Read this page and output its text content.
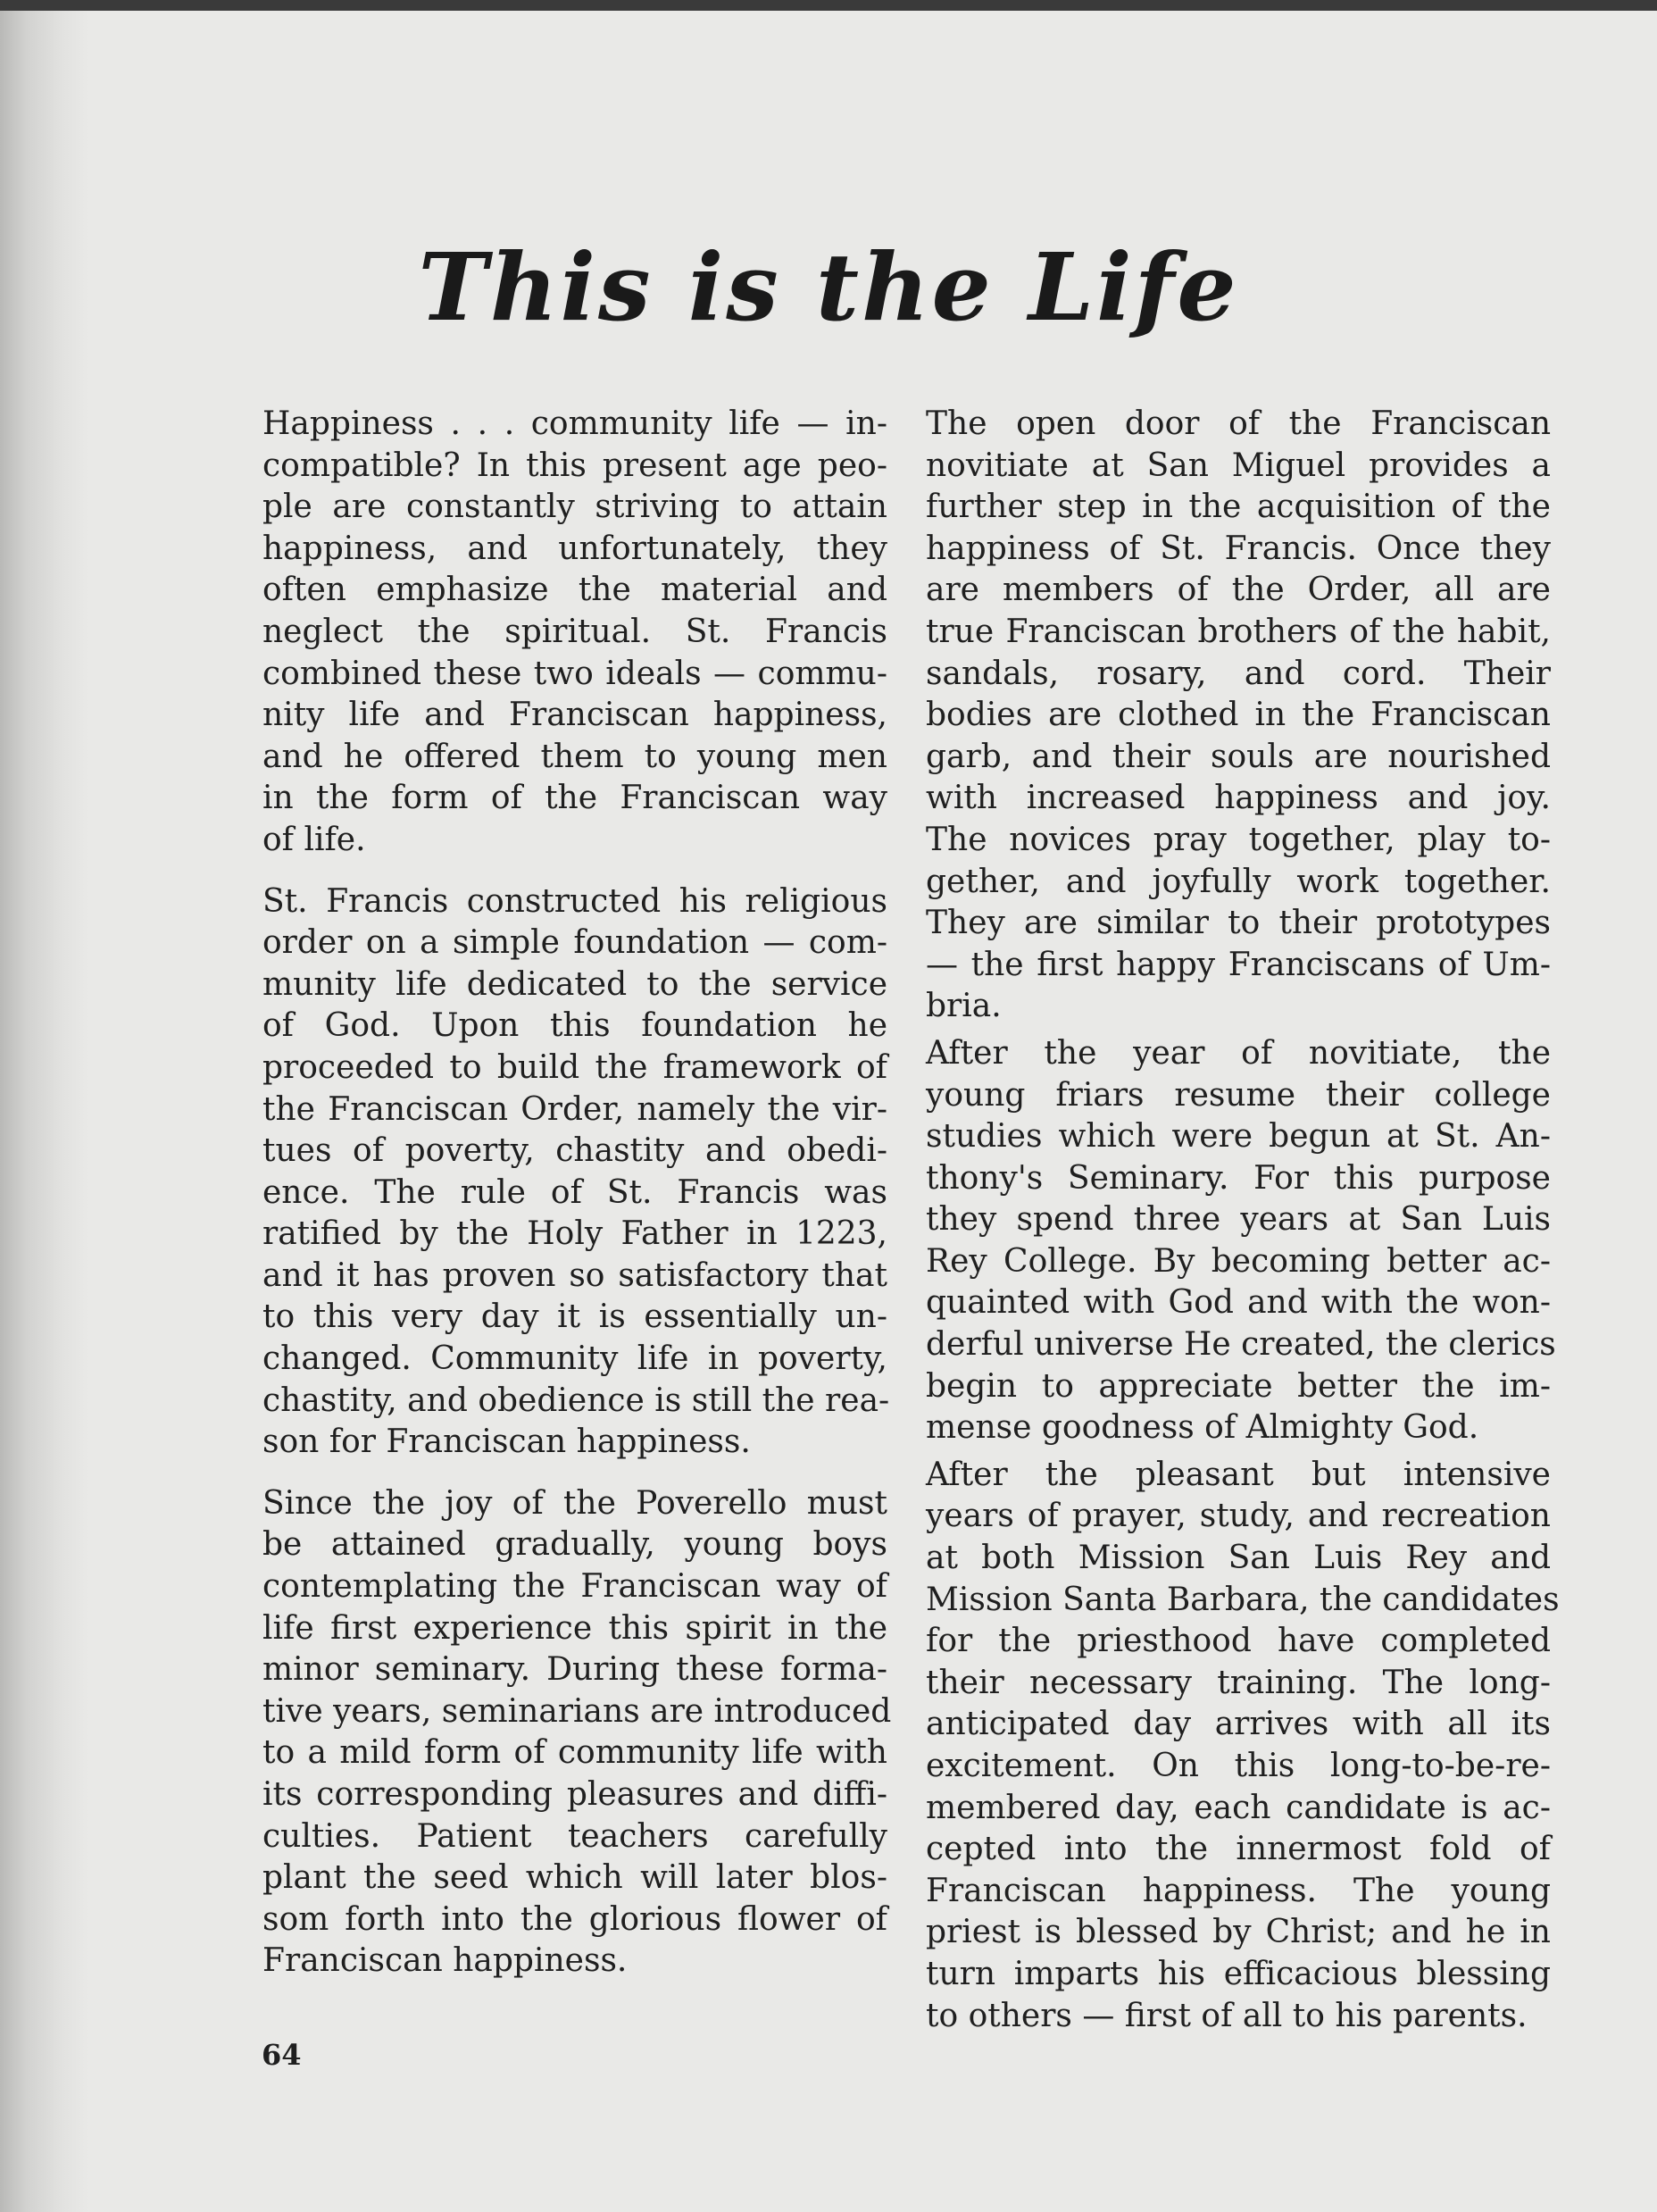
This is the Life
Happiness . . . community life — in-
compatible? In this present age peo-
ple are constantly striving to attain
happiness, and unfortunately, they
often emphasize the material and
neglect the spiritual. St. Francis
combined these two ideals — commu-
nity life and Franciscan happiness,
and he offered them to young men
in the form of the Franciscan way
of life.
St. Francis constructed his religious
order on a simple foundation — com-
munity life dedicated to the service
of God. Upon this foundation he
proceeded to build the framework of
the Franciscan Order, namely the vir-
tues of poverty, chastity and obedi-
ence. The rule of St. Francis was
ratified by the Holy Father in 1223,
and it has proven so satisfactory that
to this very day it is essentially un-
changed. Community life in poverty,
chastity, and obedience is still the rea-
son for Franciscan happiness.
Since the joy of the Poverello must
be attained gradually, young boys
contemplating the Franciscan way of
life first experience this spirit in the
minor seminary. During these forma-
tive years, seminarians are introduced
to a mild form of community life with
its corresponding pleasures and diffi-
culties. Patient teachers carefully
plant the seed which will later blos-
som forth into the glorious flower of
Franciscan happiness.
The open door of the Franciscan
novitiate at San Miguel provides a
further step in the acquisition of the
happiness of St. Francis. Once they
are members of the Order, all are
true Franciscan brothers of the habit,
sandals, rosary, and cord. Their
bodies are clothed in the Franciscan
garb, and their souls are nourished
with increased happiness and joy.
The novices pray together, play to-
gether, and joyfully work together.
They are similar to their prototypes
— the first happy Franciscans of Um-
bria.
After the year of novitiate, the
young friars resume their college
studies which were begun at St. An-
thony's Seminary. For this purpose
they spend three years at San Luis
Rey College. By becoming better ac-
quainted with God and with the won-
derful universe He created, the clerics
begin to appreciate better the im-
mense goodness of Almighty God.
After the pleasant but intensive
years of prayer, study, and recreation
at both Mission San Luis Rey and
Mission Santa Barbara, the candidates
for the priesthood have completed
their necessary training. The long-
anticipated day arrives with all its
excitement. On this long-to-be-re-
membered day, each candidate is ac-
cepted into the innermost fold of
Franciscan happiness. The young
priest is blessed by Christ; and he in
turn imparts his efficacious blessing
to others — first of all to his parents.
64
